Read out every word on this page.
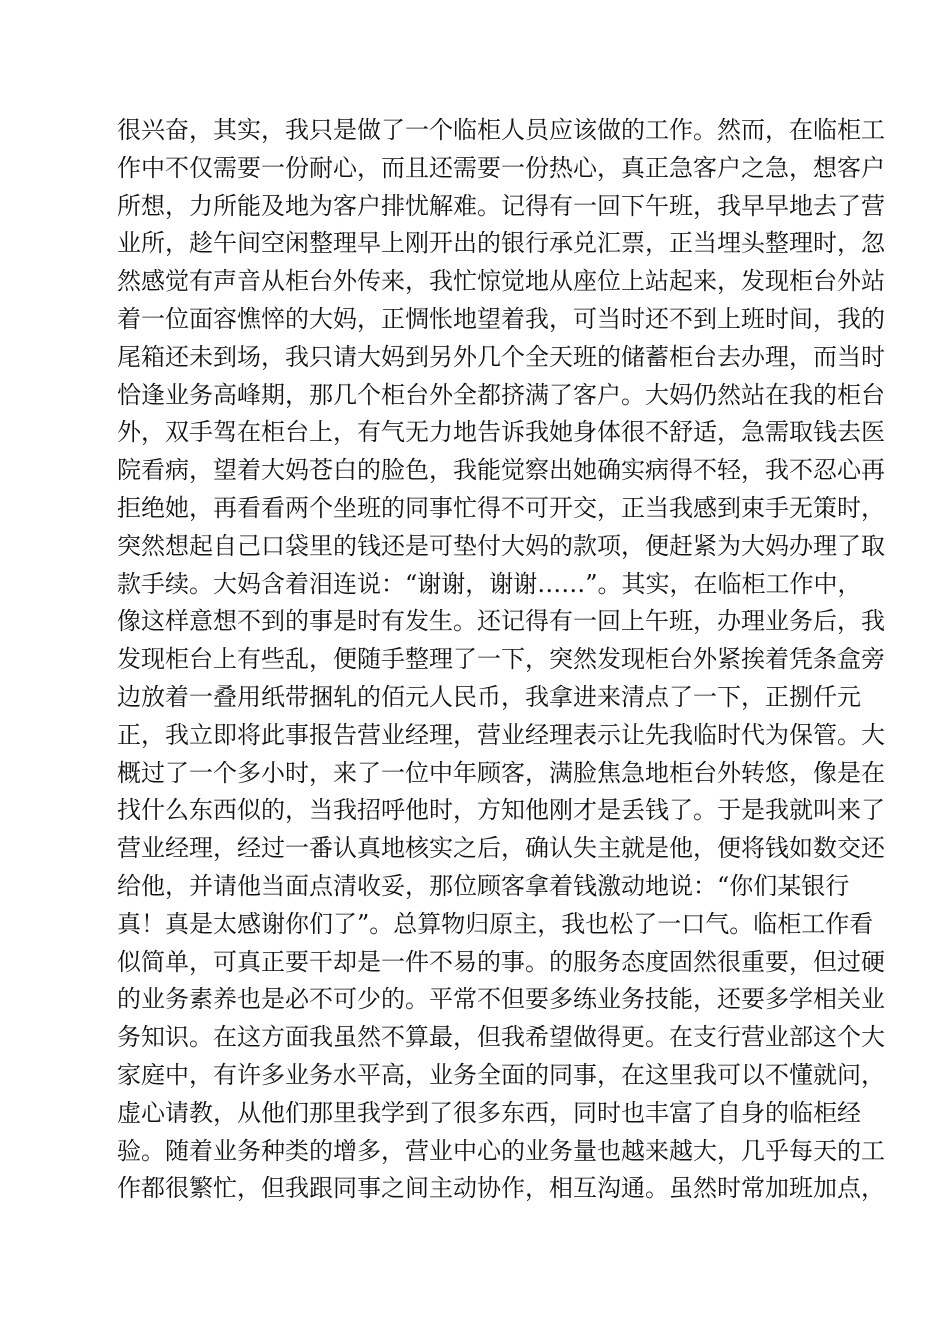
很兴奋，其实，我只是做了一个临柜人员应该做的工作。然而，在临柜工
作中不仅需要一份耐心，而且还需要一份热心，真正急客户之急，想客户
所想，力所能及地为客户排忧解难。记得有一回下午班，我早早地去了营
业所，趁午间空闲整理早上刚开出的银行承兑汇票，正当埋头整理时，忽
然感觉有声音从柜台外传来，我忙惊觉地从座位上站起来，发现柜台外站
着一位面容憔悴的大妈，正惆怅地望着我，可当时还不到上班时间，我的
尾箱还未到场，我只请大妈到另外几个全天班的储蓄柜台去办理，而当时
恰逢业务高峰期，那几个柜台外全都挤满了客户。大妈仍然站在我的柜台
外，双手驾在柜台上，有气无力地告诉我她身体很不舒适，急需取钱去医
院看病，望着大妈苍白的脸色，我能觉察出她确实病得不轻，我不忍心再
拒绝她，再看看两个坐班的同事忙得不可开交，正当我感到束手无策时，
突然想起自己口袋里的钱还是可垫付大妈的款项，便赶紧为大妈办理了取
款手续。大妈含着泪连说：“谢谢，谢谢……”。其实，在临柜工作中，
像这样意想不到的事是时有发生。还记得有一回上午班，办理业务后，我
发现柜台上有些乱，便随手整理了一下，突然发现柜台外紧挨着凭条盒旁
边放着一叠用纸带捆轧的佰元人民币，我拿进来清点了一下，正捌仟元
正，我立即将此事报告营业经理，营业经理表示让先我临时代为保管。大
概过了一个多小时，来了一位中年顾客，满脸焦急地柜台外转悠，像是在
找什么东西似的，当我招呼他时，方知他刚才是丢钱了。于是我就叫来了
营业经理，经过一番认真地核实之后，确认失主就是他，便将钱如数交还
给他，并请他当面点清收妥，那位顾客拿着钱激动地说：“你们某银行
真！真是太感谢你们了”。总算物归原主，我也松了一口气。临柜工作看
似简单，可真正要干却是一件不易的事。的服务态度固然很重要，但过硬
的业务素养也是必不可少的。平常不但要多练业务技能，还要多学相关业
务知识。在这方面我虽然不算最，但我希望做得更。在支行营业部这个大
家庭中，有许多业务水平高，业务全面的同事，在这里我可以不懂就问，
虚心请教，从他们那里我学到了很多东西，同时也丰富了自身的临柜经
验。随着业务种类的增多，营业中心的业务量也越来越大，几乎每天的工
作都很繁忙，但我跟同事之间主动协作，相互沟通。虽然时常加班加点，
